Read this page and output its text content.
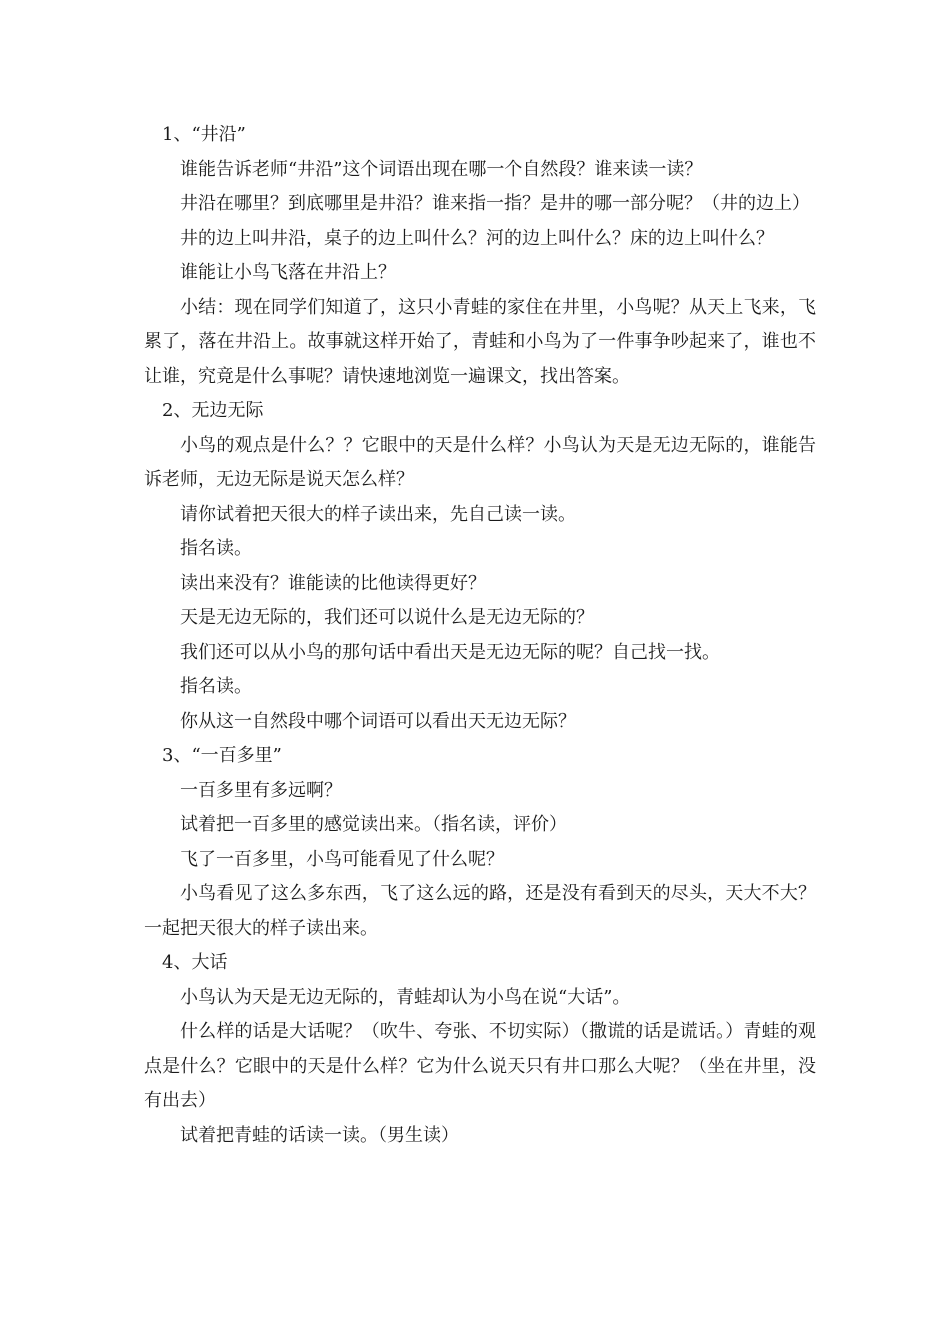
1、“井沿”

谁能告诉老师“井沿”这个词语出现在哪一个自然段？谁来读一读？

井沿在哪里？到底哪里是井沿？谁来指一指？是井的哪一部分呢？（井的边上）

井的边上叫井沿，桌子的边上叫什么？河的边上叫什么？床的边上叫什么？

谁能让小鸟飞落在井沿上？

小结：现在同学们知道了，这只小青蛙的家住在井里，小鸟呢？从天上飞来，飞累了，落在井沿上。故事就这样开始了，青蛙和小鸟为了一件事争吵起来了，谁也不让谁，究竟是什么事呢？请快速地浏览一遍课文，找出答案。

2、无边无际

小鸟的观点是什么？？它眼中的天是什么样？小鸟认为天是无边无际的，谁能告诉老师，无边无际是说天怎么样？

请你试着把天很大的样子读出来，先自己读一读。

指名读。

读出来没有？谁能读的比他读得更好？

天是无边无际的，我们还可以说什么是无边无际的？

我们还可以从小鸟的那句话中看出天是无边无际的呢？自己找一找。

指名读。

你从这一自然段中哪个词语可以看出天无边无际？

3、“一百多里”

一百多里有多远啊？

试着把一百多里的感觉读出来。（指名读，评价）

飞了一百多里，小鸟可能看见了什么呢？

小鸟看见了这么多东西，飞了这么远的路，还是没有看到天的尽头，天大不大？一起把天很大的样子读出来。

4、大话

小鸟认为天是无边无际的，青蛙却认为小鸟在说“大话”。

什么样的话是大话呢？（吹牛、夸张、不切实际）（撒谎的话是谎话。）青蛙的观点是什么？它眼中的天是什么样？它为什么说天只有井口那么大呢？（坐在井里，没有出去）

试着把青蛙的话读一读。（男生读）
